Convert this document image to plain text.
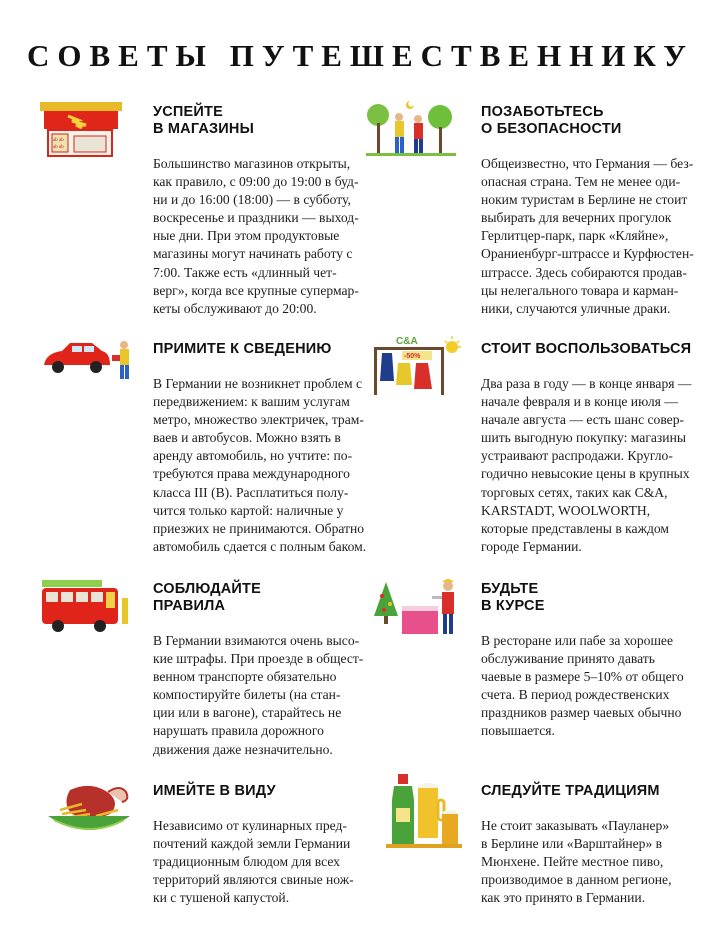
СОВЕТЫ ПУТЕШЕСТВЕННИКУ
ab ab
ab ab
УСПЕЙТЕ
В МАГАЗИНЫ
Большинство магазинов открыты,
как правило, с 09:00 до 19:00 в буд-
ни и до 16:00 (18:00) — в субботу,
воскресенье и праздники — выход-
ные дни. При этом продуктовые
магазины могут начинать работу с
7:00. Также есть «длинный чет-
верг», когда все крупные супермар-
кеты обслуживают до 20:00.
ПОЗАБОТЬТЕСЬ
О БЕЗОПАСНОСТИ
Общеизвестно, что Германия — без-
опасная страна. Тем не менее оди-
ноким туристам в Берлине не стоит
выбирать для вечерних прогулок
Герлитцер-парк, парк «Кляйне»,
Ораниенбург-штрассе и Курфюстен-
штрассе. Здесь собираются продав-
цы нелегального товара и карман-
ники, случаются уличные драки.
ПРИМИТЕ К СВЕДЕНИЮ
В Германии не возникнет проблем с
передвижением: к вашим услугам
метро, множество электричек, трам-
ваев и автобусов. Можно взять в
аренду автомобиль, но учтите: по-
требуются права международного
класса III (B). Расплатиться полу-
чится только картой: наличные у
приезжих не принимаются. Обратно
автомобиль сдается с полным баком.
C&A
-50%	СТОИТ ВОСПОЛЬЗОВАТЬСЯ
Два раза в году — в конце января —
начале февраля и в конце июля —
начале августа — есть шанс совер-
шить выгодную покупку: магазины
устраивают распродажи. Кругло-
годично невысокие цены в крупных
торговых сетях, таких как C&A,
KARSTADT, WOOLWORTH,
которые представлены в каждом
городе Германии.
СОБЛЮДАЙТЕ
ПРАВИЛА
В Германии взимаются очень высо-
кие штрафы. При проезде в общест-
венном транспорте обязательно
компостируйте билеты (на стан-
ции или в вагоне), старайтесь не
нарушать правила дорожного
движения даже незначительно.
БУДЬТЕ
В КУРСЕ
В ресторане или пабе за хорошее
обслуживание принято давать
чаевые в размере 5–10% от общего
счета. В период рождественских
праздников размер чаевых обычно
повышается.
ИМЕЙТЕ В ВИДУ
Независимо от кулинарных пред-
почтений каждой земли Германии
традиционным блюдом для всех
территорий являются свиные нож-
ки с тушеной капустой.
СЛЕДУЙТЕ ТРАДИЦИЯМ
Не стоит заказывать «Пауланер»
в Берлине или «Варштайнер» в
Мюнхене. Пейте местное пиво,
производимое в данном регионе,
как это принято в Германии.
